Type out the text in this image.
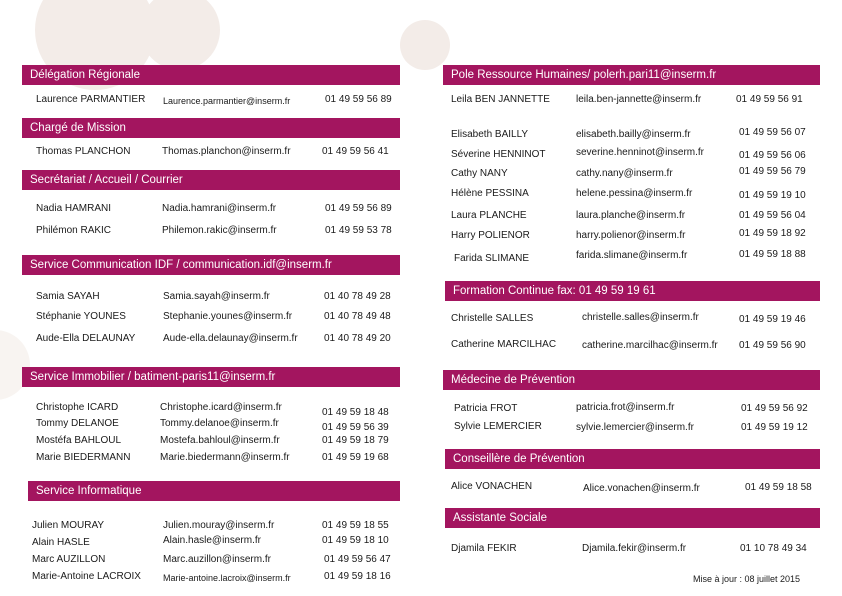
Délégation Régionale
Laurence PARMANTIER Laurence.parmantier@inserm.fr	01 49 59 56 89
Chargé de Mission
Thomas PLANCHON	Thomas.planchon@inserm.fr	01 49 59 56 41
Secrétariat / Accueil / Courrier
Nadia HAMRANI	Nadia.hamrani@inserm.fr	01 49 59 56 89
Philémon RAKIC	Philemon.rakic@inserm.fr	01 49 59 53 78
Service Communication IDF / communication.idf@inserm.fr
Samia SAYAH	Samia.sayah@inserm.fr	01 40 78 49 28
Stéphanie YOUNES	Stephanie.younes@inserm.fr	01 40 78 49 48
Aude-Ella DELAUNAY	Aude-ella.delaunay@inserm.fr	01 40 78 49 20
Service Immobilier / batiment-paris11@inserm.fr
Christophe ICARD	Christophe.icard@inserm.fr	01 49 59 18 48
Tommy DELANOE	Tommy.delanoe@inserm.fr	01 49 59 56 39
Mostéfa BAHLOUL	Mostefa.bahloul@inserm.fr	01 49 59 18 79
Marie BIEDERMANN	Marie.biedermann@inserm.fr	01 49 59 19 68
Service Informatique
Julien MOURAY	Julien.mouray@inserm.fr	01 49 59 18 55
Alain HASLE	Alain.hasle@inserm.fr	01 49 59 18 10
Marc AUZILLON	Marc.auzillon@inserm.fr	01 49 59 56 47
Marie-Antoine LACROIX Marie-antoine.lacroix@inserm.fr	01 49 59 18 16
Pole Ressource Humaines/ polerh.pari11@inserm.fr
Leila BEN JANNETTE	leila.ben-jannette@inserm.fr	01 49 59 56 91
Elisabeth BAILLY	elisabeth.bailly@inserm.fr	01 49 59 56 07
Séverine HENNINOT	severine.henninot@inserm.fr	01 49 59 56 06
Cathy NANY	cathy.nany@inserm.fr	01 49 59 56 79
Hélène PESSINA	helene.pessina@inserm.fr	01 49 59 19 10
Laura PLANCHE	laura.planche@inserm.fr	01 49 59 56 04
Harry POLIENOR	harry.polienor@inserm.fr	01 49 59 18 92
Farida SLIMANE	farida.slimane@inserm.fr	01 49 59 18 88
Formation Continue fax: 01 49 59 19 61
Christelle SALLES	christelle.salles@inserm.fr	01 49 59 19 46
Catherine MARCILHAC	catherine.marcilhac@inserm.fr 01 49 59 56 90
Médecine de Prévention
Patricia FROT	patricia.frot@inserm.fr	01 49 59 56 92
Sylvie LEMERCIER	sylvie.lemercier@inserm.fr	01 49 59 19 12
Conseillère de Prévention
Alice VONACHEN	Alice.vonachen@inserm.fr	01 49 59 18 58
Assistante Sociale
Djamila FEKIR	Djamila.fekir@inserm.fr	01 10 78 49 34
Mise à jour : 08 juillet 2015
